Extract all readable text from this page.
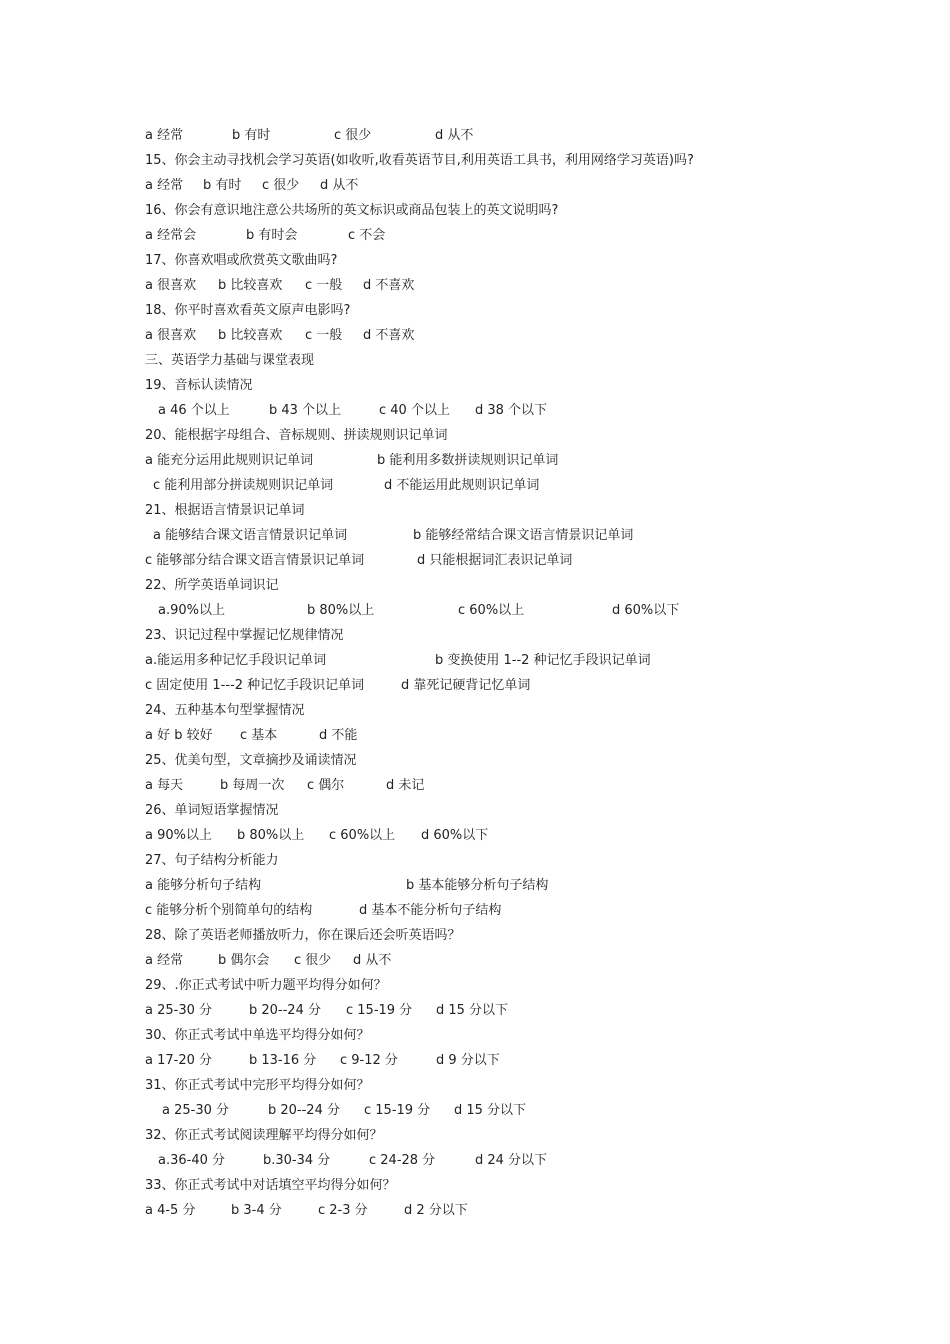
a 经常	b 有时	c 很少	d 从不

15、你会主动寻找机会学习英语(如收听,收看英语节目,利用英语工具书，利用网络学习英语)吗?

a 经常 b 有时 c 很少 d 从不

16、你会有意识地注意公共场所的英文标识或商品包装上的英文说明吗?

a 经常会	b 有时会	c 不会

17、你喜欢唱或欣赏英文歌曲吗?

a 很喜欢 b 比较喜欢 c 一般 d 不喜欢

18、你平时喜欢看英文原声电影吗?

a 很喜欢 b 比较喜欢 c 一般 d 不喜欢

三、英语学力基础与课堂表现

19、音标认读情况

a 46 个以上	b 43 个以上	c 40 个以上 d 38 个以下

20、能根据字母组合、音标规则、拼读规则识记单词

a 能充分运用此规则识记单词	b 能利用多数拼读规则识记单词
c 能利用部分拼读规则识记单词	d 不能运用此规则识记单词

21、根据语言情景识记单词

a 能够结合课文语言情景识记单词	b 能够经常结合课文语言情景识记单词
c 能够部分结合课文语言情景识记单词	d 只能根据词汇表识记单词

22、所学英语单词识记

a.90%以上	b 80%以上	c 60%以上	d 60%以下

23、识记过程中掌握记忆规律情况

a.能运用多种记忆手段识记单词	b 变换使用 1--2 种记忆手段识记单词
c 固定使用 1---2 种记忆手段识记单词	d 靠死记硬背记忆单词

24、五种基本句型掌握情况

a 好 b 较好 c 基本	d 不能

25、优美句型，文章摘抄及诵读情况

a 每天	b 每周一次 c 偶尔	d 未记

26、单词短语掌握情况

a 90%以上 b 80%以上 c 60%以上 d 60%以下

27、句子结构分析能力

a 能够分析句子结构	b 基本能够分析句子结构
c 能够分析个别简单句的结构	d 基本不能分析句子结构

28、除了英语老师播放听力，你在课后还会听英语吗？

a 经常	b 偶尔会 c 很少 d 从不

29、.你正式考试中听力题平均得分如何？

a 25-30 分	b 20--24 分 c 15-19 分 d 15 分以下

30、你正式考试中单选平均得分如何？

a 17-20 分	b 13-16 分 c 9-12 分	d 9 分以下

31、你正式考试中完形平均得分如何？

a 25-30 分	b 20--24 分 c 15-19 分 d 15 分以下

32、你正式考试阅读理解平均得分如何？

a.36-40 分	b.30-34 分	c 24-28 分	d 24 分以下

33、你正式考试中对话填空平均得分如何？

a 4-5 分	b 3-4 分	c 2-3 分	d 2 分以下
